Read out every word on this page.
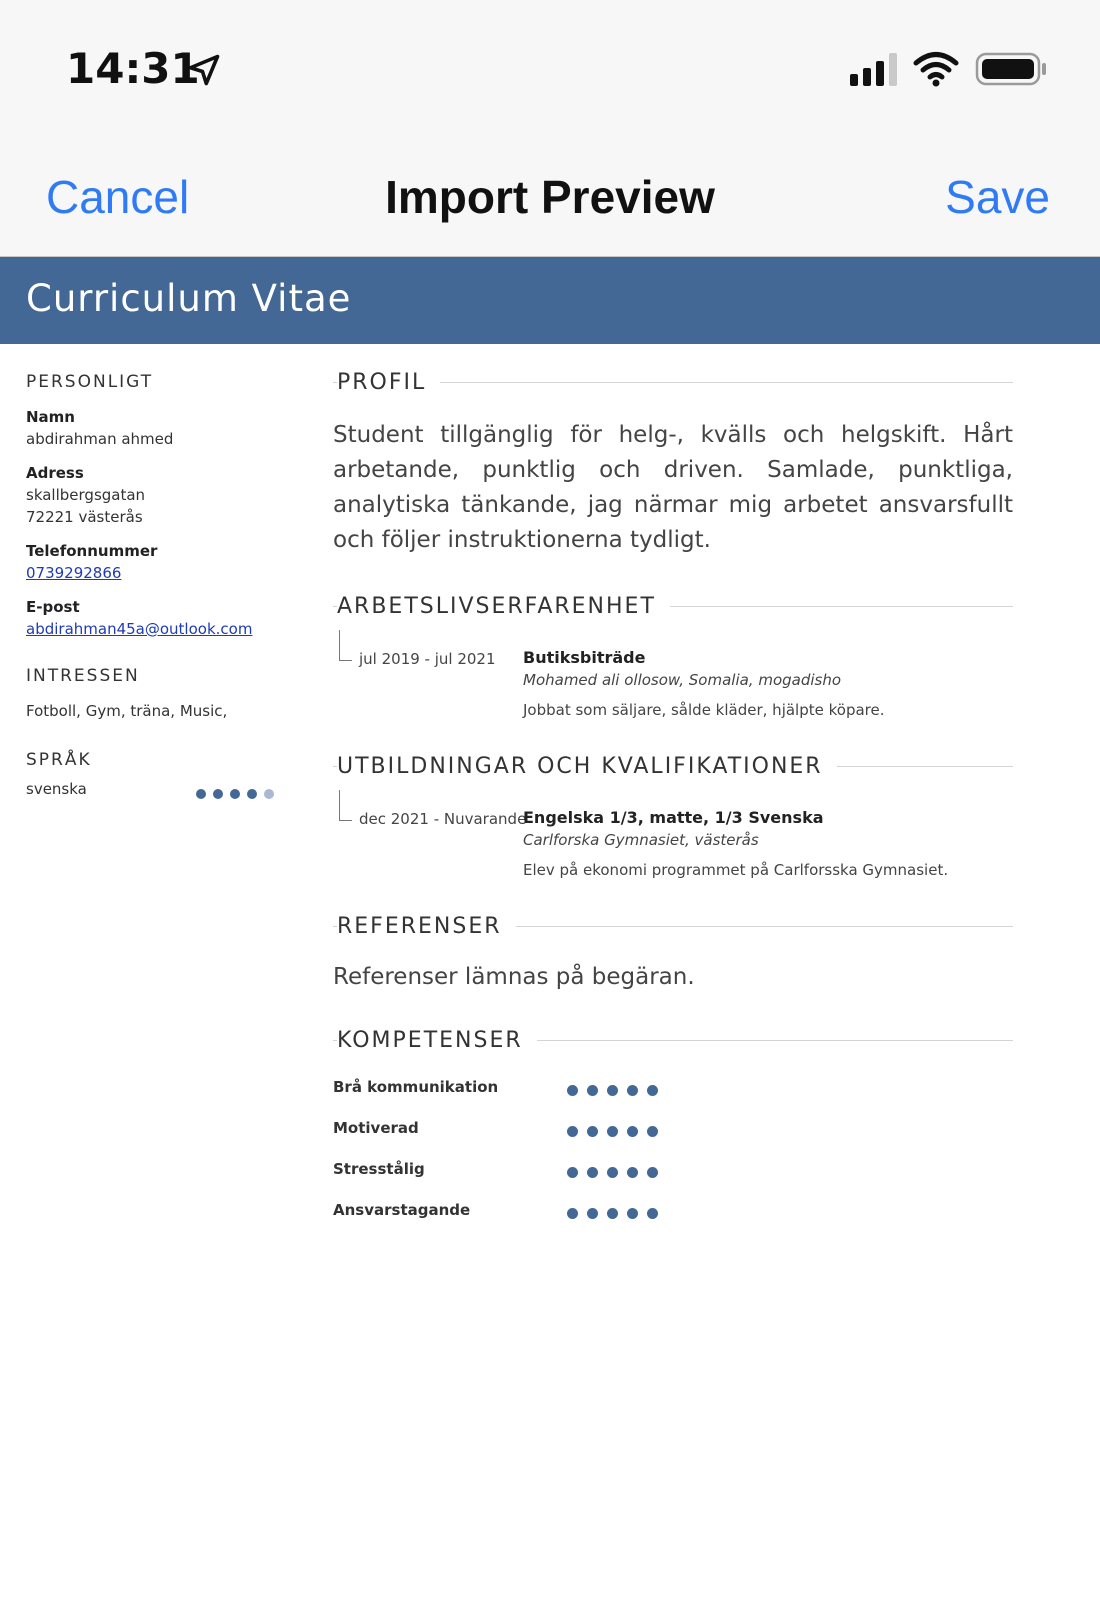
14:31
Cancel	Import Preview	Save
Curriculum Vitae

PERSONLIGT

Namn

abdirahman ahmed

Adress

skallbergsgatan

72221 västerås

Telefonnummer

0739292866

E-post

abdirahman45a@outlook.com

INTRESSEN

Fotboll, Gym, träna, Music,

SPRÅK

svenska
PROFIL

Student tillgänglig för helg-, kvälls och helgskift. Hårt arbetande, punktlig och driven. Samlade, punktliga, analytiska tänkande, jag närmar mig arbetet ansvarsfullt och följer instruktionerna tydligt.

ARBETSLIVSERFARENHET
jul 2019 - jul 2021 Butiksbiträde
Mohamed ali ollosow, Somalia, mogadisho
Jobbat som säljare, sålde kläder, hjälpte köpare.
UTBILDNINGAR OCH KVALIFIKATIONER
dec 2021 - Nuvarande
Engelska 1/3, matte, 1/3 Svenska
Carlforska Gymnasiet, västerås
Elev på ekonomi programmet på Carlforsska Gymnasiet.
REFERENSER

Referenser lämnas på begäran.

KOMPETENSER
Brå kommunikation
Motiverad
Stresstålig
Ansvarstagande
